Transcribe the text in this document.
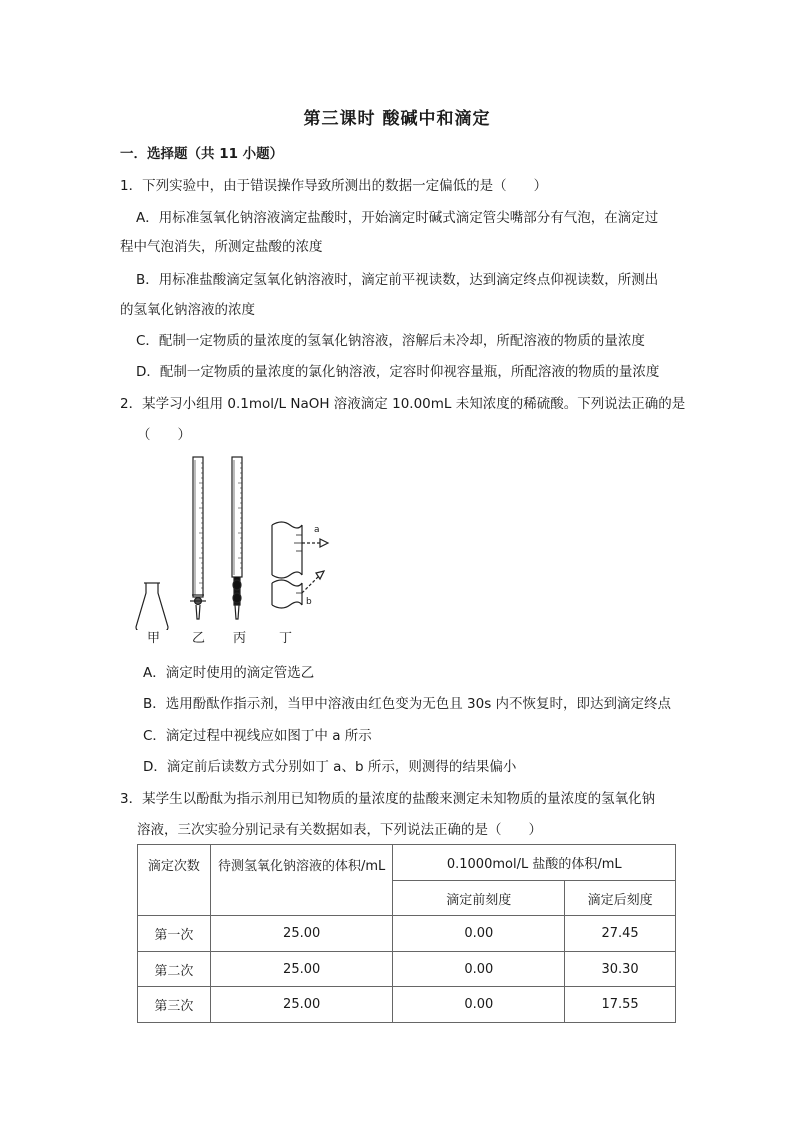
第三课时 酸碱中和滴定
一．选择题（共 11 小题）
1．下列实验中，由于错误操作导致所测出的数据一定偏低的是（　　）
A．用标准氢氧化钠溶液滴定盐酸时，开始滴定时碱式滴定管尖嘴部分有气泡，在滴定过
程中气泡消失，所测定盐酸的浓度
B．用标准盐酸滴定氢氧化钠溶液时，滴定前平视读数，达到滴定终点仰视读数，所测出
的氢氧化钠溶液的浓度
C．配制一定物质的量浓度的氢氧化钠溶液，溶解后未冷却，所配溶液的物质的量浓度
D．配制一定物质的量浓度的氯化钠溶液，定容时仰视容量瓶，所配溶液的物质的量浓度
2．某学习小组用 0.1mol/L NaOH 溶液滴定 10.00mL 未知浓度的稀硫酸。下列说法正确的是
（　　）
a
b
甲 乙 丙	丁
A．滴定时使用的滴定管选乙
B．选用酚酞作指示剂，当甲中溶液由红色变为无色且 30s 内不恢复时，即达到滴定终点
C．滴定过程中视线应如图丁中 a 所示
D．滴定前后读数方式分别如丁 a、b 所示，则测得的结果偏小
3．某学生以酚酞为指示剂用已知物质的量浓度的盐酸来测定未知物质的量浓度的氢氧化钠
溶液，三次实验分别记录有关数据如表，下列说法正确的是（　　）
滴定次数	待测氢氧化钠溶液的体积/mL	0.1000mol/L 盐酸的体积/mL	
		滴定前刻度	滴定后刻度
第一次	25.00	0.00	27.45
第二次	25.00	0.00	30.30
第三次	25.00	0.00	17.55
